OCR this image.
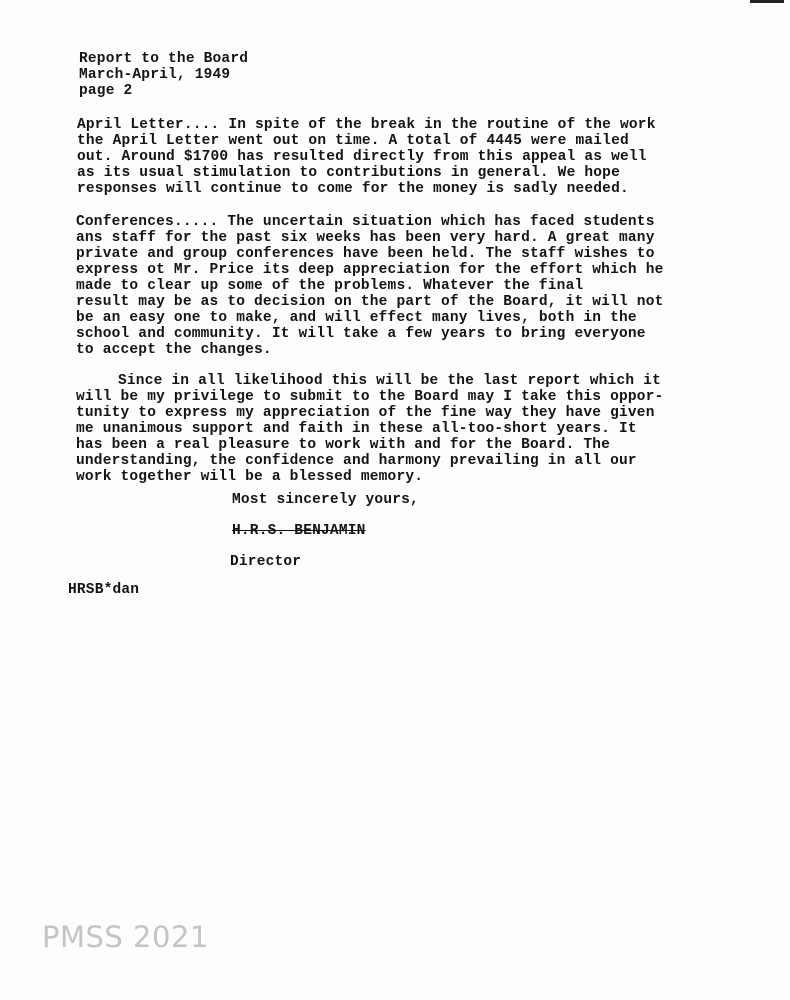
Report to the Board
March-April, 1949
page 2
April Letter.... In spite of the break in the routine of the work
the April Letter went out on time. A total of 4445 were mailed
out. Around $1700 has resulted directly from this appeal as well
as its usual stimulation to contributions in general. We hope
responses will continue to come for the money is sadly needed.
Conferences..... The uncertain situation which has faced students
ans staff for the past six weeks has been very hard. A great many
private and group conferences have been held. The staff wishes to
express ot Mr. Price its deep appreciation for the effort which he
made to clear up some of the problems. Whatever the final
result may be as to decision on the part of the Board, it will not
be an easy one to make, and will effect many lives, both in the
school and community. It will take a few years to bring everyone
to accept the changes.
Since in all likelihood this will be the last report which it
will be my privilege to submit to the Board may I take this oppor-
tunity to express my appreciation of the fine way they have given
me unanimous support and faith in these all-too-short years. It
has been a real pleasure to work with and for the Board. The
understanding, the confidence and harmony prevailing in all our
work together will be a blessed memory.
Most sincerely yours,
H.R.S. BENJAMIN
Director
HRSB*dan
PMSS 2021
